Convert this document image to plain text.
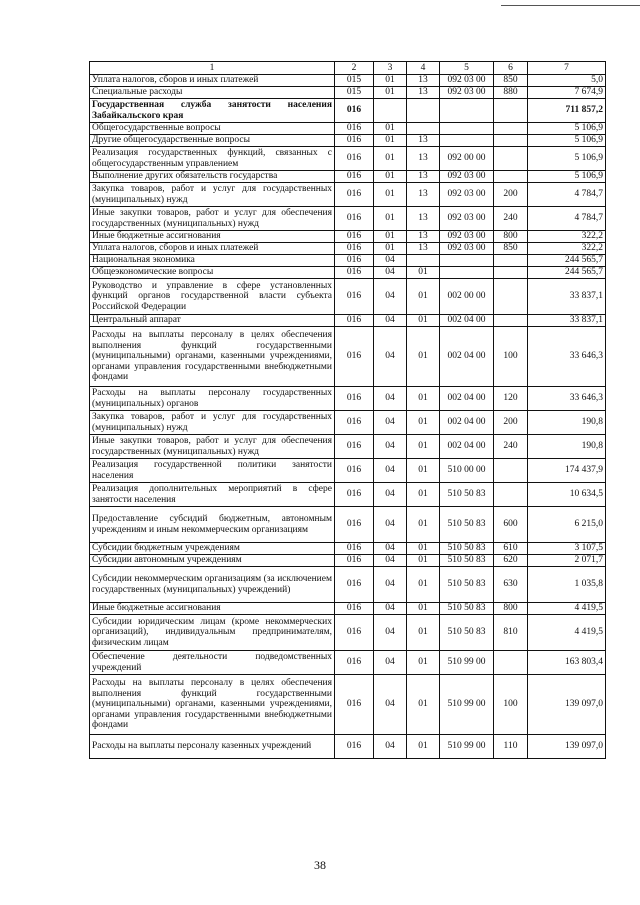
1	2	3	4	5	6	7
Уплата налогов, сборов и иных платежей	015	01	13	092 03 00	850	5,0
Специальные расходы	015	01	13	092 03 00	880	7 674,9
Государственная служба занятости населения Забайкальского края	016					711 857,2
Общегосударственные вопросы	016	01				5 106,9
Другие общегосударственные вопросы	016	01	13			5 106,9
Реализация государственных функций, связанных с общегосударственным управлением	016	01	13	092 00 00		5 106,9
Выполнение других обязательств государства	016	01	13	092 03 00		5 106,9
Закупка товаров, работ и услуг для государственных (муниципальных) нужд	016	01	13	092 03 00	200	4 784,7
Иные закупки товаров, работ и услуг для обеспечения государственных (муниципальных) нужд	016	01	13	092 03 00	240	4 784,7
Иные бюджетные ассигнования	016	01	13	092 03 00	800	322,2
Уплата налогов, сборов и иных платежей	016	01	13	092 03 00	850	322,2
Национальная экономика	016	04				244 565,7
Общеэкономические вопросы	016	04	01			244 565,7
Руководство и управление в сфере установленных функций органов государственной власти субъекта Российской Федерации	016	04	01	002 00 00		33 837,1
Центральный аппарат	016	04	01	002 04 00		33 837,1
Расходы на выплаты персоналу в целях обеспечения выполнения функций государственными (муниципальными) органами, казенными учреждениями, органами управления государственными внебюджетными фондами	016	04	01	002 04 00	100	33 646,3
Расходы на выплаты персоналу государственных (муниципальных) органов	016	04	01	002 04 00	120	33 646,3
Закупка товаров, работ и услуг для государственных (муниципальных) нужд	016	04	01	002 04 00	200	190,8
Иные закупки товаров, работ и услуг для обеспечения государственных (муниципальных) нужд	016	04	01	002 04 00	240	190,8
Реализация государственной политики занятости населения	016	04	01	510 00 00		174 437,9
Реализация дополнительных мероприятий в сфере занятости населения	016	04	01	510 50 83		10 634,5
Предоставление субсидий бюджетным, автономным учреждениям и иным некоммерческим организациям	016	04	01	510 50 83	600	6 215,0
Субсидии бюджетным учреждениям	016	04	01	510 50 83	610	3 107,5
Субсидии автономным учреждениям	016	04	01	510 50 83	620	2 071,7
Субсидии некоммерческим организациям (за исключением государственных (муниципальных) учреждений)	016	04	01	510 50 83	630	1 035,8
Иные бюджетные ассигнования	016	04	01	510 50 83	800	4 419,5
Субсидии юридическим лицам (кроме некоммерческих организаций), индивидуальным предпринимателям, физическим лицам	016	04	01	510 50 83	810	4 419,5
Обеспечение деятельности подведомственных учреждений	016	04	01	510 99 00		163 803,4
Расходы на выплаты персоналу в целях обеспечения выполнения функций государственными (муниципальными) органами, казенными учреждениями, органами управления государственными внебюджетными фондами	016	04	01	510 99 00	100	139 097,0
Расходы на выплаты персоналу казенных учреждений	016	04	01	510 99 00	110	139 097,0
38
